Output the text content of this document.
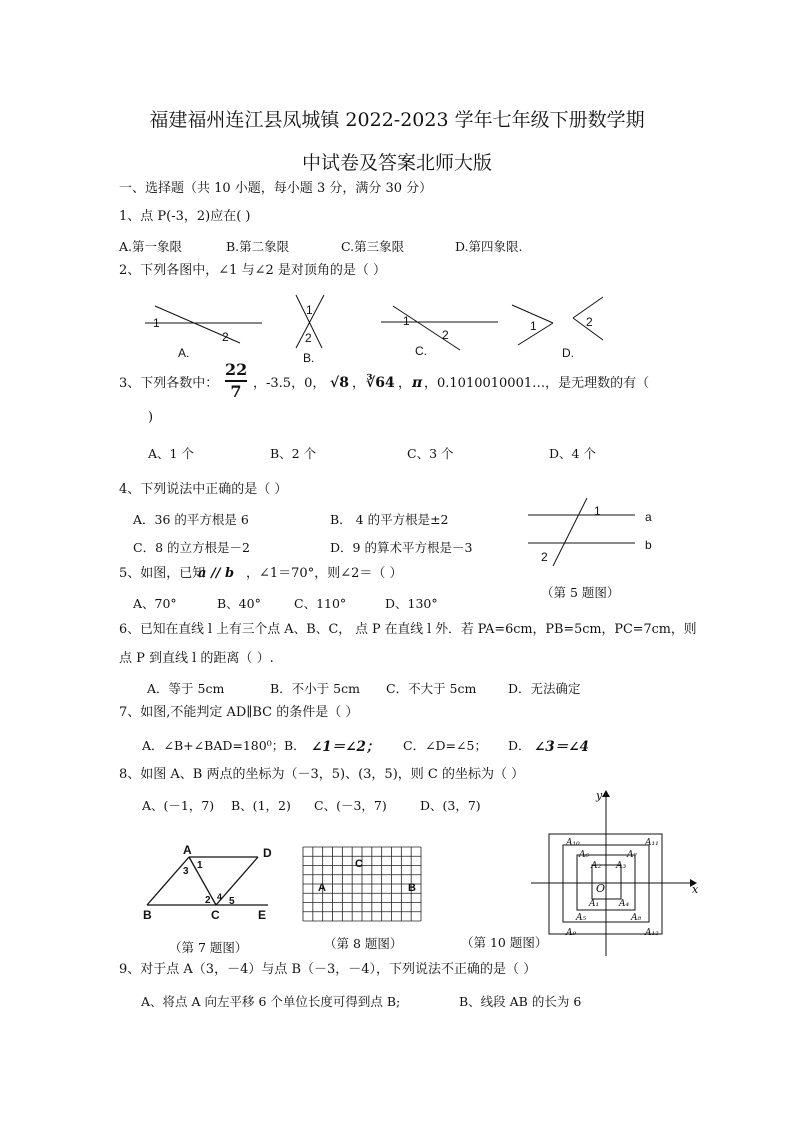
福建福州连江县凤城镇 2022-2023 学年七年级下册数学期
中试卷及答案北师大版
一、选择题（共 10 小题，每小题 3 分，满分 30 分）
1、点 P(-3，2)应在( )
A.第一象限	B.第二象限	C.第三象限	D.第四象限.
2、下列各图中，∠1 与∠2 是对顶角的是（ ）
1
2
1
2
1
2
1	2
A.	B.	C.	D.
3、下列各数中：
22
7 ，-3.5，0， √8 ， ∛64 ， π ，0.1010010001…，是无理数的有（
)
A、1 个	B、2 个	C、3 个	D、4 个
4、下列说法中正确的是（ ）
A．36 的平方根是 6	B． 4 的平方根是±2
C．8 的立方根是－2	D．9 的算术平方根是－3
1
2
a
b
（第 5 题图）
5、如图，已知
a // b ，∠1＝70°，则∠2＝（ ）
A、70°	B、40°	C、110°	D、130°
6、已知在直线 l 上有三个点 A、B、C， 点 P 在直线 l 外．若 PA=6cm，PB=5cm，PC=7cm，则
点 P 到直线 l 的距离（ ）.
A．等于 5cm	B．不小于 5cm C．不大于 5cm	D．无法确定
7、如图,不能判定 AD∥BC 的条件是（ ）
A．∠B+∠BAD=180⁰； B． ∠1＝∠2； C．∠D=∠5； D． ∠3＝∠4
8、如图 A、B 两点的坐标为（－3，5)、(3，5)，则 C 的坐标为（ ）
A、(－1，7) B、(1，2) C、(－3，7)	D、(3，7)
A	D
B	C	E
1
3
2 4 5
（第 7 题图）
C
A	B
（第 8 题图）
y
x
O
A₁₀	A₁₁
A₆	A₇
A₂ A₃
A₁ A₄
A₅	A₈
A₉	A₁₂
（第 10 题图）
9、对于点 A（3，－4）与点 B（－3，－4），下列说法不正确的是（ ）
A、将点 A 向左平移 6 个单位长度可得到点 B;	B、线段 AB 的长为 6
